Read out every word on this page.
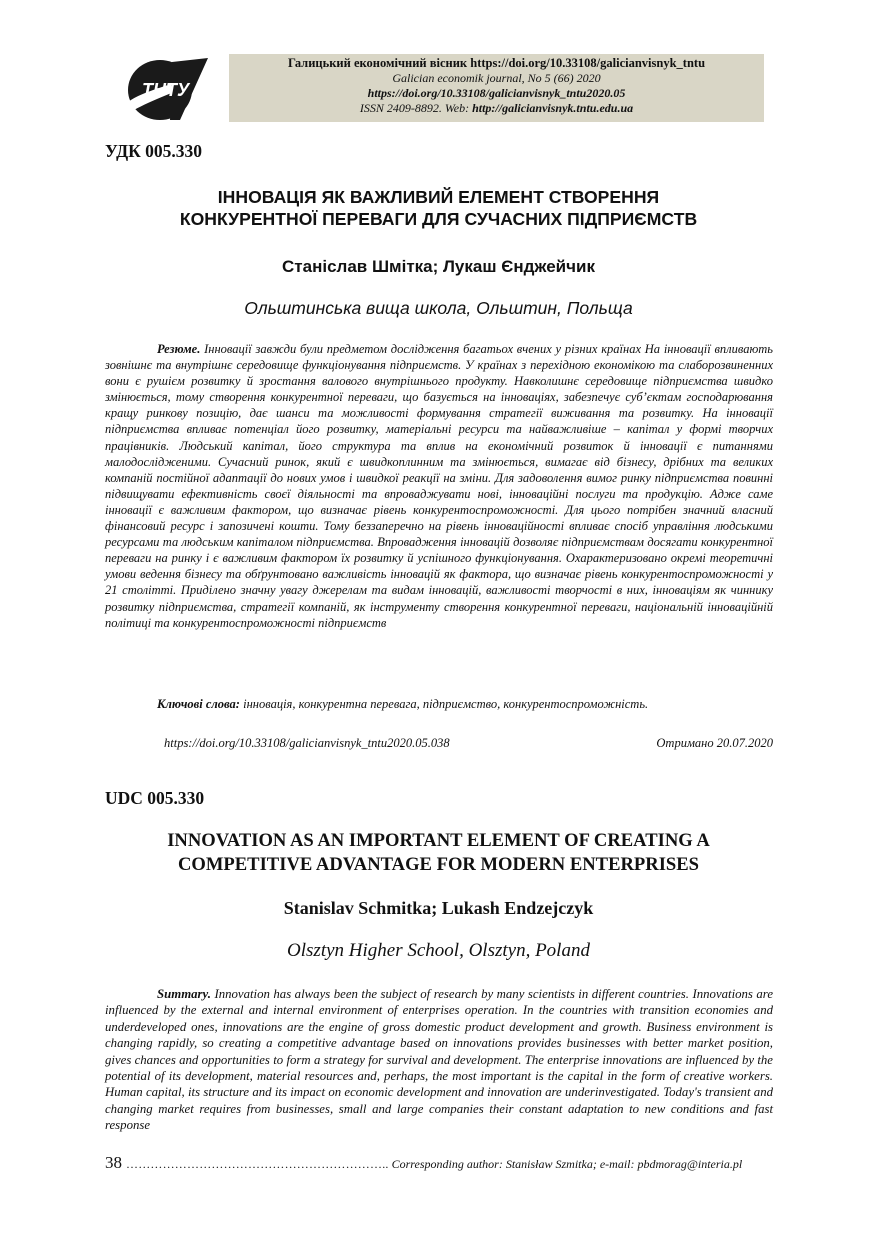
ТНТУ
Галицький економічний вісник https://doi.org/10.33108/galicianvisnyk_tntu
Galician economik journal, No 5 (66) 2020
https://doi.org/10.33108/galicianvisnyk_tntu2020.05
ISSN 2409-8892. Web: http://galicianvisnyk.tntu.edu.ua
УДК 005.330
ІННОВАЦІЯ ЯК ВАЖЛИВИЙ ЕЛЕМЕНТ СТВОРЕННЯ
КОНКУРЕНТНОЇ ПЕРЕВАГИ ДЛЯ СУЧАСНИХ ПІДПРИЄМСТВ
Станіслав Шмітка; Лукаш Єнджейчик
Ольштинська вища школа, Ольштин, Польща
Резюме. Інновації завжди були предметом дослідження багатьох вчених у різних країнах На інновації впливають зовнішнє та внутрішнє середовище функціонування підприємств. У країнах з перехідною економікою та слаборозвиненних вони є рушієм розвитку й зростання валового внутрішнього продукту. Навколишнє середовище підприємства швидко змінюється, тому створення конкурентної переваги, що базується на інноваціях, забезпечує суб’єктам господарювання кращу ринкову позицію, дає шанси та можливості формування стратегії виживання та розвитку. На інновації підприємства впливає потенціал його розвитку, матеріальні ресурси та найважливіше – капітал у формі творчих працівників. Людський капітал, його структура та вплив на економічний розвиток й інновації є питаннями малодослідженими. Сучасний ринок, який є швидкоплинним та змінюється, вимагає від бізнесу, дрібних та великих компаній постійної адаптації до нових умов і швидкої реакції на зміни. Для задоволення вимог ринку підприємства повинні підвищувати ефективність своєї діяльності та впроваджувати нові, інноваційні послуги та продукцію. Адже саме інновації є важливим фактором, що визначає рівень конкурентоспроможності. Для цього потрібен значний власний фінансовий ресурс і запозичені кошти. Тому беззаперечно на рівень інноваційності впливає спосіб управління людськими ресурсами та людським капіталом підприємства. Впровадження інновацій дозволяє підприємствам досягати конкурентної переваги на ринку і є важливим фактором їх розвитку й успішного функціонування. Охарактеризовано окремі теоретичні умови ведення бізнесу та обґрунтовано важливість інновацій як фактора, що визначає рівень конкурентоспроможності у 21 столітті. Приділено значну увагу джерелам та видам інновацій, важливості творчості в них, інноваціям як чиннику розвитку підприємства, стратегії компаній, як інструменту створення конкурентної переваги, національній інноваційній політиці та конкурентоспроможності підприємств
Ключові слова: інновація, конкурентна перевага, підприємство, конкурентоспроможність.
https://doi.org/10.33108/galicianvisnyk_tntu2020.05.038	Отримано 20.07.2020
UDC 005.330
INNOVATION AS AN IMPORTANT ELEMENT OF CREATING A
COMPETITIVE ADVANTAGE FOR MODERN ENTERPRISES
Stanislav Schmitka; Lukash Endzejczyk
Olsztyn Higher School, Olsztyn, Poland
Summary. Innovation has always been the subject of research by many scientists in different countries. Innovations are influenced by the external and internal environment of enterprises operation. In the countries with transition economies and underdeveloped ones, innovations are the engine of gross domestic product development and growth. Business environment is changing rapidly, so creating a competitive advantage based on innovations provides businesses with better market position, gives chances and opportunities to form a strategy for survival and development. The enterprise innovations are influenced by the potential of its development, material resources and, perhaps, the most important is the capital in the form of creative workers. Human capital, its structure and its impact on economic development and innovation are underinvestigated. Today's transient and changing market requires from businesses, small and large companies their constant adaptation to new conditions and fast response
38 ……………………………………………………….. Corresponding author: Stanisław Szmitka; e-mail: pbdmorag@interia.pl
